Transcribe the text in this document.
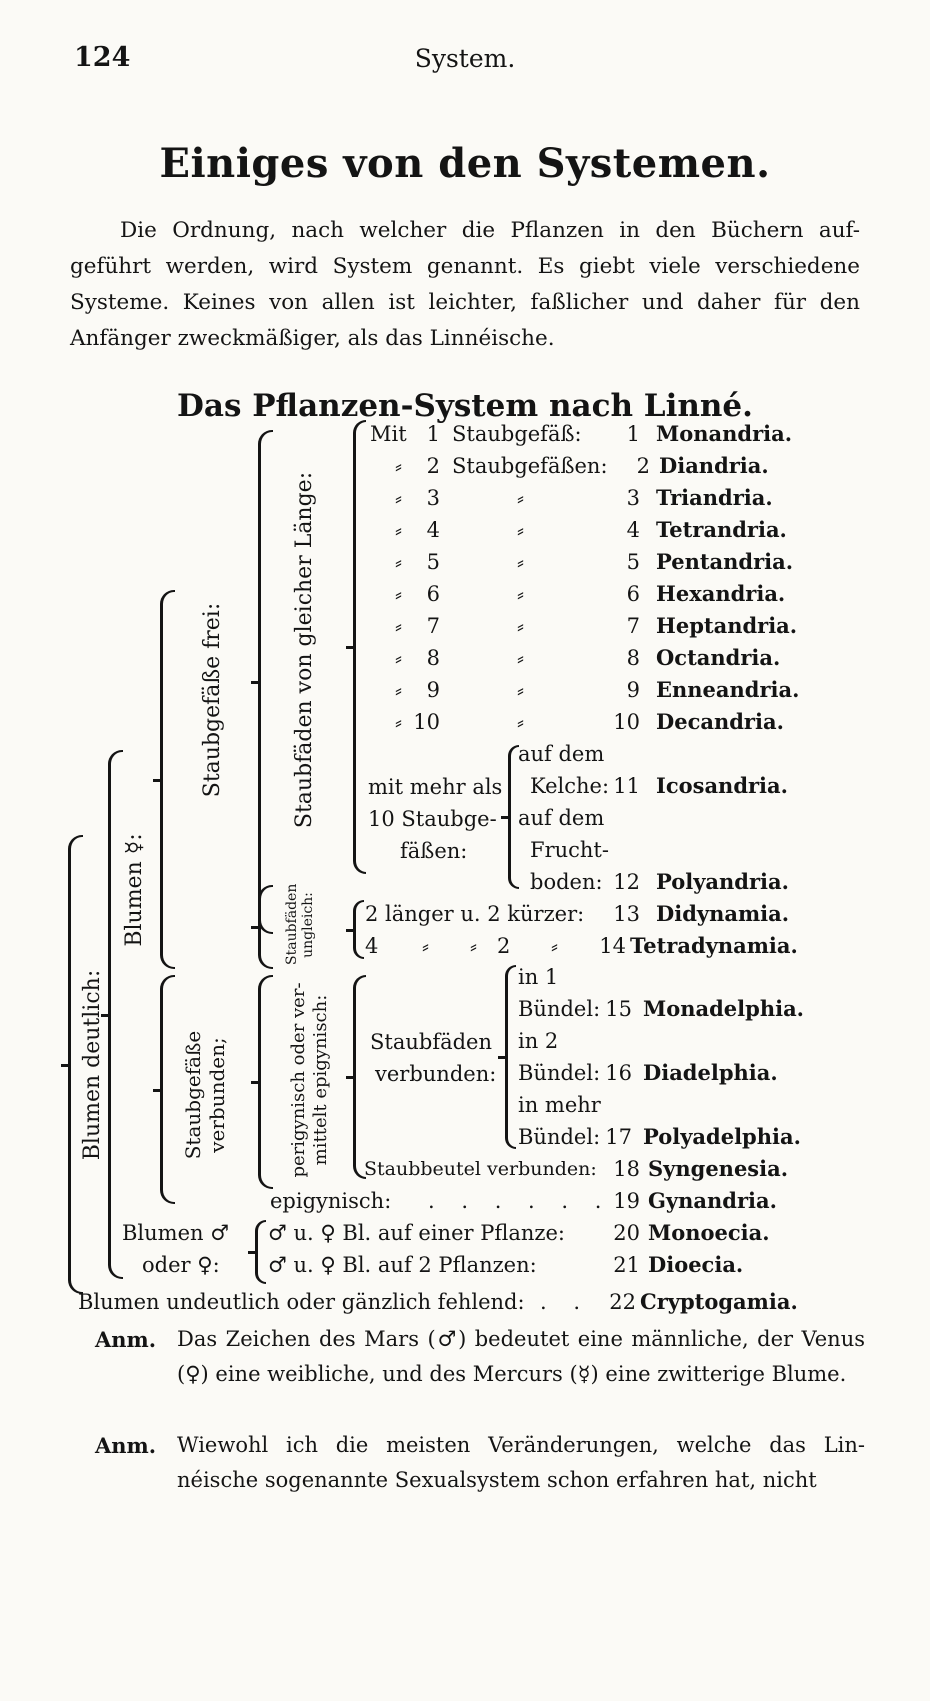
124	System.
Einiges von den Systemen.
Die Ordnung, nach welcher die Pflanzen in den Büchern auf- geführt werden, wird System genannt. Es giebt viele verschiedene Systeme. Keines von allen ist leichter, faßlicher und daher für den Anfänger zweckmäßiger, als das Linnéische.
Das Pflanzen-System nach Linné.
Blumen deutlich:
Blumen ☿:
Staubgefäße frei:
Staubgefäße verbunden;
Staubfäden von gleicher Länge:
Staubfäden ungleich:
perigynisch oder ver- mittelt epigynisch:
Mit 1 Staubgefäß:	1 Monandria.
⸗	2 Staubgefäßen:	2 Diandria.
⸗	3	⸗	3 Triandria.
⸗	4	⸗	4 Tetrandria.
⸗	5	⸗	5 Pentandria.
⸗	6	⸗	6 Hexandria.
⸗	7	⸗	7 Heptandria.
⸗	8	⸗	8 Octandria.
⸗	9	⸗	9 Enneandria.
⸗ 10	⸗	10 Decandria.
mit mehr als
10 Staubge-
fäßen:
auf dem
Kelche: 11 Icosandria.
auf dem
Frucht-
boden: 12 Polyandria.
2 länger u. 2 kürzer:	13 Didynamia.
4 ⸗ ⸗ 2 ⸗	14 Tetradynamia.
Staubfäden
verbunden:
in 1
Bündel: 15 Monadelphia.
in 2
Bündel: 16 Diadelphia.
in mehr
Bündel: 17 Polyadelphia.
Staubbeutel verbunden: 18 Syngenesia.
epigynisch: . . . . . . 19 Gynandria.
Blumen ♂
oder ♀:
♂ u. ♀ Bl. auf einer Pflanze:	20 Monoecia.
♂ u. ♀ Bl. auf 2 Pflanzen:	21 Dioecia.
Blumen undeutlich oder gänzlich fehlend: . . 22 Cryptogamia.
Anm. Das Zeichen des Mars (♂) bedeutet eine männliche, der Venus (♀) eine weibliche, und des Mercurs (☿) eine zwitterige Blume.
Anm. Wiewohl ich die meisten Veränderungen, welche das Lin- néische sogenannte Sexualsystem schon erfahren hat, nicht
